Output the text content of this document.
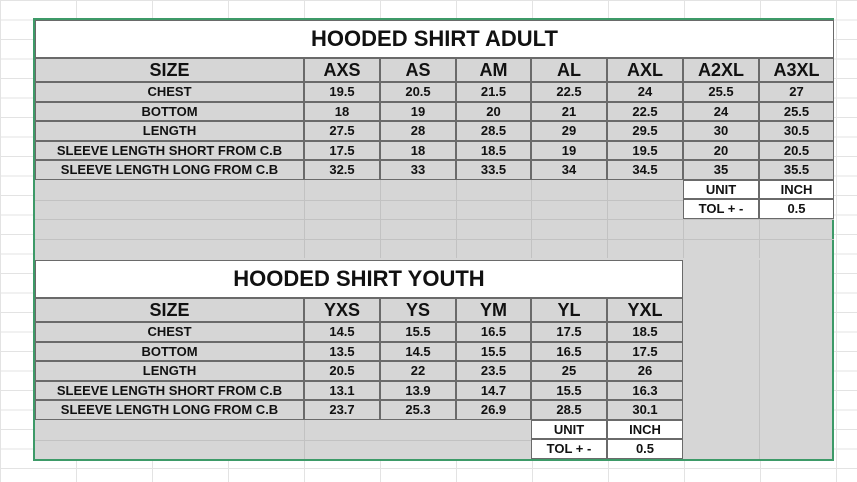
HOODED SHIRT ADULT
SIZE	AXS	AS	AM	AL	AXL	A2XL	A3XL
CHEST	19.5	20.5	21.5	22.5	24	25.5	27
BOTTOM	18	19	20	21	22.5	24	25.5
LENGTH	27.5	28	28.5	29	29.5	30	30.5
SLEEVE LENGTH SHORT FROM C.B	17.5	18	18.5	19	19.5	20	20.5
SLEEVE LENGTH LONG FROM C.B	32.5	33	33.5	34	34.5	35	35.5
UNIT	INCH
TOL + -	0.5
HOODED SHIRT YOUTH
SIZE	YXS	YS	YM	YL	YXL
CHEST	14.5	15.5	16.5	17.5	18.5
BOTTOM	13.5	14.5	15.5	16.5	17.5
LENGTH	20.5	22	23.5	25	26
SLEEVE LENGTH SHORT FROM C.B	13.1	13.9	14.7	15.5	16.3
SLEEVE LENGTH LONG FROM C.B	23.7	25.3	26.9	28.5	30.1
UNIT	INCH
TOL + -	0.5
